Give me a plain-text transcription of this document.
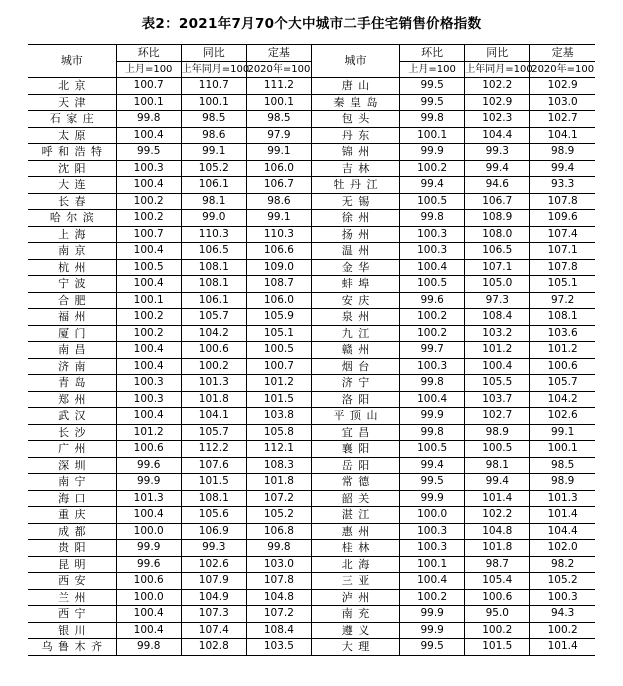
表2：2021年7月70个大中城市二手住宅销售价格指数
城市	环比	同比	定基	城市	环比	同比	定基
	上月=100	上年同月=100	2020年=100		上月=100	上年同月=100	2020年=100
北京	100.7	110.7	111.2	唐山	99.5	102.2	102.9
天津	100.1	100.1	100.1	秦皇岛	99.5	102.9	103.0
石家庄	99.8	98.5	98.5	包头	99.8	102.3	102.7
太原	100.4	98.6	97.9	丹东	100.1	104.4	104.1
呼和浩特	99.5	99.1	99.1	锦州	99.9	99.3	98.9
沈阳	100.3	105.2	106.0	吉林	100.2	99.4	99.4
大连	100.4	106.1	106.7	牡丹江	99.4	94.6	93.3
长春	100.2	98.1	98.6	无锡	100.5	106.7	107.8
哈尔滨	100.2	99.0	99.1	徐州	99.8	108.9	109.6
上海	100.7	110.3	110.3	扬州	100.3	108.0	107.4
南京	100.4	106.5	106.6	温州	100.3	106.5	107.1
杭州	100.5	108.1	109.0	金华	100.4	107.1	107.8
宁波	100.4	108.1	108.7	蚌埠	100.5	105.0	105.1
合肥	100.1	106.1	106.0	安庆	99.6	97.3	97.2
福州	100.2	105.7	105.9	泉州	100.2	108.4	108.1
厦门	100.2	104.2	105.1	九江	100.2	103.2	103.6
南昌	100.4	100.6	100.5	赣州	99.7	101.2	101.2
济南	100.4	100.2	100.7	烟台	100.3	100.4	100.6
青岛	100.3	101.3	101.2	济宁	99.8	105.5	105.7
郑州	100.3	101.8	101.5	洛阳	100.4	103.7	104.2
武汉	100.4	104.1	103.8	平顶山	99.9	102.7	102.6
长沙	101.2	105.7	105.8	宜昌	99.8	98.9	99.1
广州	100.6	112.2	112.1	襄阳	100.5	100.5	100.1
深圳	99.6	107.6	108.3	岳阳	99.4	98.1	98.5
南宁	99.9	101.5	101.8	常德	99.5	99.4	98.9
海口	101.3	108.1	107.2	韶关	99.9	101.4	101.3
重庆	100.4	105.6	105.2	湛江	100.0	102.2	101.4
成都	100.0	106.9	106.8	惠州	100.3	104.8	104.4
贵阳	99.9	99.3	99.8	桂林	100.3	101.8	102.0
昆明	99.6	102.6	103.0	北海	100.1	98.7	98.2
西安	100.6	107.9	107.8	三亚	100.4	105.4	105.2
兰州	100.0	104.9	104.8	泸州	100.2	100.6	100.3
西宁	100.4	107.3	107.2	南充	99.9	95.0	94.3
银川	100.4	107.4	108.4	遵义	99.9	100.2	100.2
乌鲁木齐	99.8	102.8	103.5	大理	99.5	101.5	101.4
